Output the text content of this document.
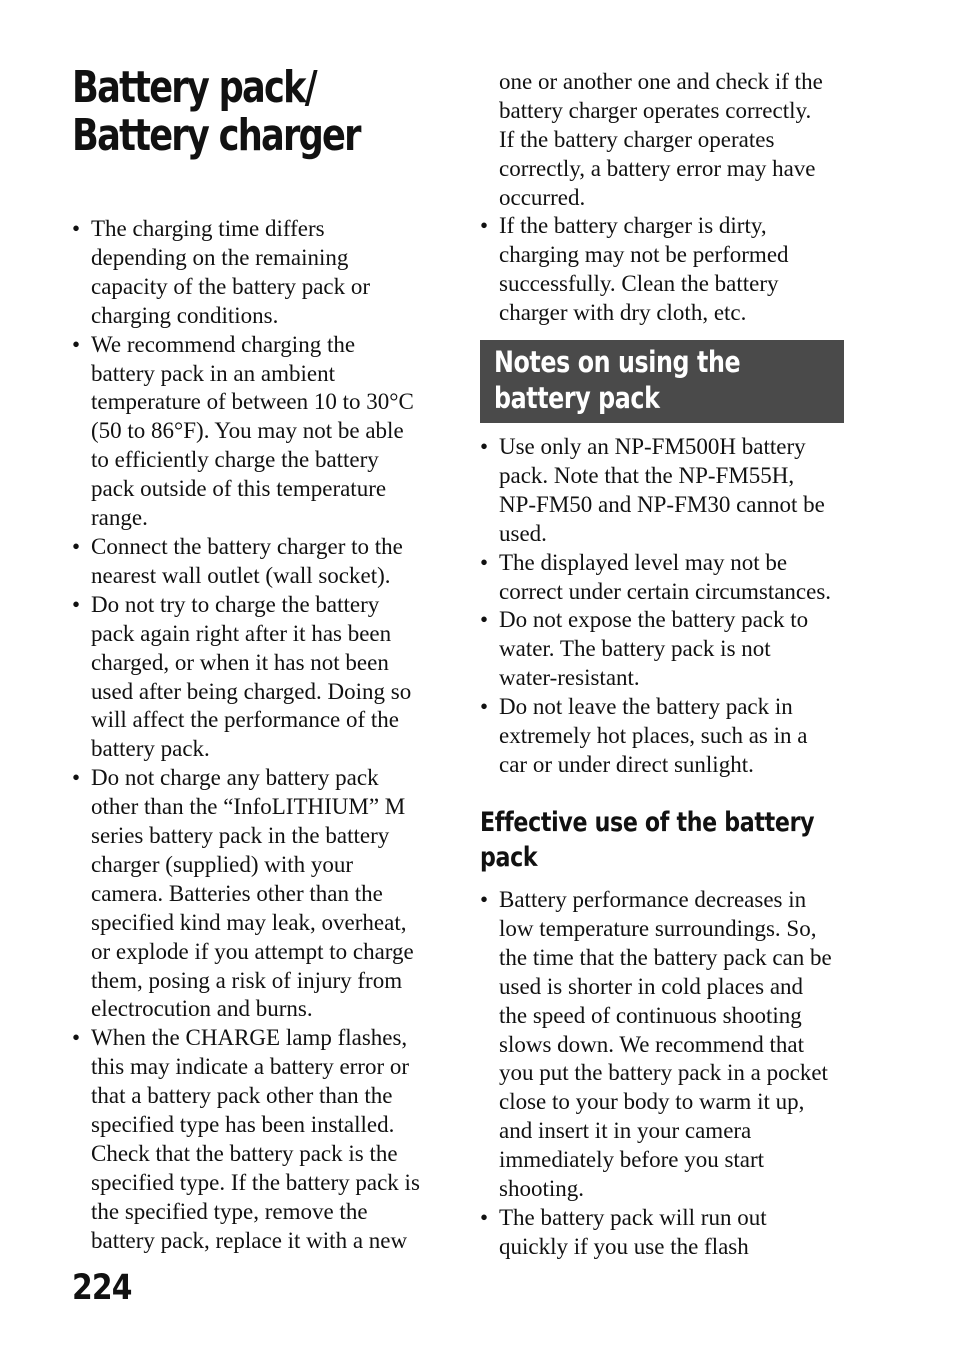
Battery pack/
Battery charger
• The charging time differs
depending on the remaining
capacity of the battery pack or
charging conditions.
• We recommend charging the
battery pack in an ambient
temperature of between 10 to 30°C
(50 to 86°F). You may not be able
to efficiently charge the battery
pack outside of this temperature
range.
• Connect the battery charger to the
nearest wall outlet (wall socket).
• Do not try to charge the battery
pack again right after it has been
charged, or when it has not been
used after being charged. Doing so
will affect the performance of the
battery pack.
• Do not charge any battery pack
other than the “InfoLITHIUM” M
series battery pack in the battery
charger (supplied) with your
camera. Batteries other than the
specified kind may leak, overheat,
or explode if you attempt to charge
them, posing a risk of injury from
electrocution and burns.
• When the CHARGE lamp flashes,
this may indicate a battery error or
that a battery pack other than the
specified type has been installed.
Check that the battery pack is the
specified type. If the battery pack is
the specified type, remove the
battery pack, replace it with a new

one or another one and check if the
battery charger operates correctly.
If the battery charger operates
correctly, a battery error may have
occurred.

• If the battery charger is dirty,
charging may not be performed
successfully. Clean the battery
charger with dry cloth, etc.
Notes on using the
battery pack
• Use only an NP-FM500H battery
pack. Note that the NP-FM55H,
NP-FM50 and NP-FM30 cannot be
used.
• The displayed level may not be
correct under certain circumstances.
• Do not expose the battery pack to
water. The battery pack is not
water-resistant.
• Do not leave the battery pack in
extremely hot places, such as in a
car or under direct sunlight.
Effective use of the battery
pack
• Battery performance decreases in
low temperature surroundings. So,
the time that the battery pack can be
used is shorter in cold places and
the speed of continuous shooting
slows down. We recommend that
you put the battery pack in a pocket
close to your body to warm it up,
and insert it in your camera
immediately before you start
shooting.
• The battery pack will run out
quickly if you use the flash
224
